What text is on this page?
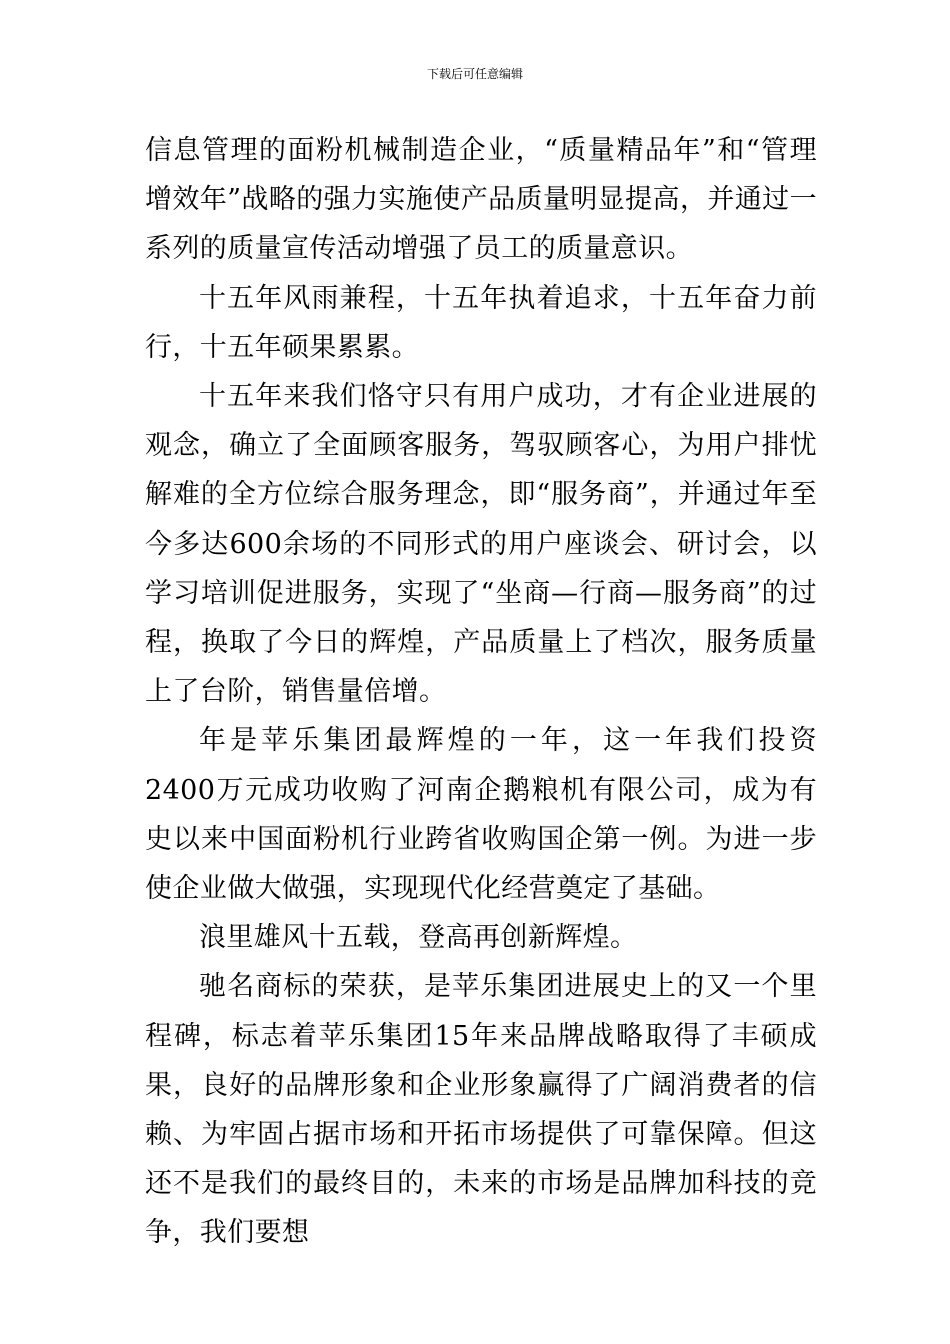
下载后可任意编辑

信息管理的面粉机械制造企业，“质量精品年”和“管理增效年”战略的强力实施使产品质量明显提高，并通过一系列的质量宣传活动增强了员工的质量意识。

十五年风雨兼程，十五年执着追求，十五年奋力前行，十五年硕果累累。

十五年来我们恪守只有用户成功，才有企业进展的观念，确立了全面顾客服务，驾驭顾客心，为用户排忧解难的全方位综合服务理念，即“服务商”，并通过年至今多达600余场的不同形式的用户座谈会、研讨会，以学习培训促进服务，实现了“坐商—行商—服务商”的过程，换取了今日的辉煌，产品质量上了档次，服务质量上了台阶，销售量倍增。

年是苹乐集团最辉煌的一年，这一年我们投资2400万元成功收购了河南企鹅粮机有限公司，成为有史以来中国面粉机行业跨省收购国企第一例。为进一步使企业做大做强，实现现代化经营奠定了基础。

浪里雄风十五载，登高再创新辉煌。

驰名商标的荣获，是苹乐集团进展史上的又一个里程碑，标志着苹乐集团15年来品牌战略取得了丰硕成果，良好的品牌形象和企业形象赢得了广阔消费者的信赖、为牢固占据市场和开拓市场提供了可靠保障。但这还不是我们的最终目的，未来的市场是品牌加科技的竞争，我们要想
